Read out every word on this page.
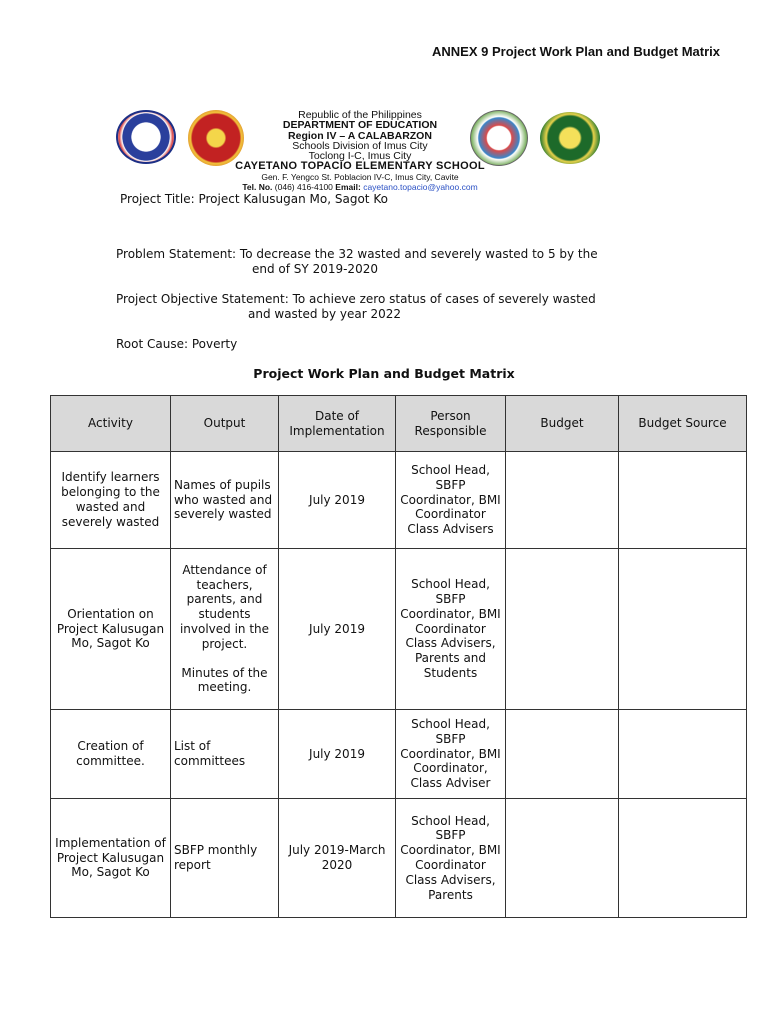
ANNEX 9 Project Work Plan and Budget Matrix
Republic of the Philippines
DEPARTMENT OF EDUCATION
Region IV – A CALABARZON
Schools Division of Imus City
Toclong I-C, Imus City
CAYETANO TOPACIO ELEMENTARY SCHOOL
Gen. F. Yengco St. Poblacion IV-C, Imus City, Cavite
Tel. No. (046) 416-4100 Email: cayetano.topacio@yahoo.com
Project Title: Project Kalusugan Mo, Sagot Ko
Problem Statement: To decrease the 32 wasted and severely wasted to 5 by the
end of SY 2019-2020
Project Objective Statement: To achieve zero status of cases of severely wasted
and wasted by year 2022
Root Cause: Poverty
Project Work Plan and Budget Matrix
Activity	Output	Date of Implementation	Person Responsible	Budget	Budget Source
Identify learners belonging to the wasted and severely wasted	Names of pupils who wasted and severely wasted	July 2019	School Head, SBFP Coordinator, BMI Coordinator Class Advisers		
Orientation on Project Kalusugan Mo, Sagot Ko	Attendance of teachers, parents, and students involved in the project.

Minutes of the meeting.	July 2019	School Head, SBFP Coordinator, BMI Coordinator Class Advisers, Parents and Students		
Creation of committee.	List of committees	July 2019	School Head, SBFP Coordinator, BMI Coordinator, Class Adviser		
Implementation of Project Kalusugan Mo, Sagot Ko	SBFP monthly report	July 2019-March 2020	School Head, SBFP Coordinator, BMI Coordinator Class Advisers, Parents		
